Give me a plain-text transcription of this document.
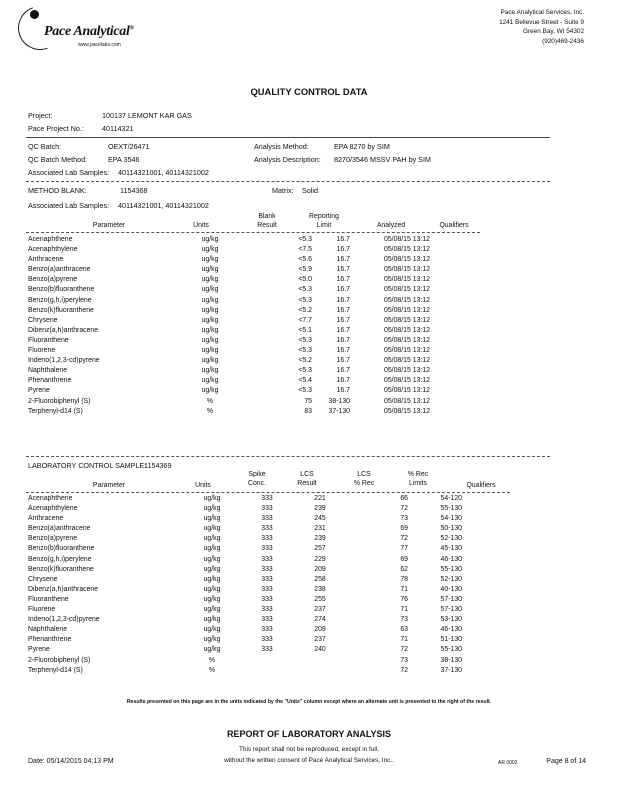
Pace Analytical®
www.pacelabs.com
Pace Analytical Services, Inc.
1241 Bellevue Street - Suite 9
Green Bay, WI 54302
(920)469-2436
QUALITY CONTROL DATA
Project:	100137 LEMONT KAR GAS
Pace Project No.:	40114321
QC Batch:	OEXT/26471	Analysis Method:	EPA 8270 by SIM
QC Batch Method:	EPA 3546	Analysis Description: 8270/3546 MSSV PAH by SIM
Associated Lab Samples: 40114321001, 40114321002
METHOD BLANK:	1154368	Matrix: Solid
Associated Lab Samples: 40114321001, 40114321002
Blank
Result
Reporting
Limit
Parameter	Units	Analyzed	Qualifiers
Acenaphthene	ug/kg	<5.3	16.7	05/08/15 13:12
Acenaphthylene	ug/kg	<7.5	16.7	05/08/15 13:12
Anthracene	ug/kg	<5.6	16.7	05/08/15 13:12
Benzo(a)anthracene	ug/kg	<5.9	16.7	05/08/15 13:12
Benzo(a)pyrene	ug/kg	<5.0	16.7	05/08/15 13:12
Benzo(b)fluoranthene	ug/kg	<5.3	16.7	05/08/15 13:12
Benzo(g,h,i)perylene	ug/kg	<5.3	16.7	05/08/15 13:12
Benzo(k)fluoranthene	ug/kg	<5.2	16.7	05/08/15 13:12
Chrysene	ug/kg	<7.7	16.7	05/08/15 13:12
Dibenz(a,h)anthracene	ug/kg	<5.1	16.7	05/08/15 13:12
Fluoranthene	ug/kg	<5.3	16.7	05/08/15 13:12
Fluorene	ug/kg	<5.3	16.7	05/08/15 13:12
Indeno(1,2,3-cd)pyrene	ug/kg	<5.2	16.7	05/08/15 13:12
Naphthalene	ug/kg	<5.3	16.7	05/08/15 13:12
Phenanthrene	ug/kg	<5.4	16.7	05/08/15 13:12
Pyrene	ug/kg	<5.3	16.7	05/08/15 13:12
2-Fluorobiphenyl (S)	%	75	38-130	05/08/15 13:12
Terphenyl-d14 (S)	%	83	37-130	05/08/15 13:12
LABORATORY CONTROL SAMPLE:
1154369
Spike
Conc.
LCS
Result
LCS
% Rec
% Rec
Limits
Parameter	Units	Qualifiers
Acenaphthene	ug/kg	333	221	66	54-120
Acenaphthylene	ug/kg	333	239	72	55-130
Anthracene	ug/kg	333	245	73	54-130
Benzo(a)anthracene	ug/kg	333	231	69	50-130
Benzo(a)pyrene	ug/kg	333	239	72	52-130
Benzo(b)fluoranthene	ug/kg	333	257	77	45-130
Benzo(g,h,i)perylene	ug/kg	333	229	69	46-130
Benzo(k)fluoranthene	ug/kg	333	209	62	55-130
Chrysene	ug/kg	333	258	78	52-130
Dibenz(a,h)anthracene	ug/kg	333	238	71	40-130
Fluoranthene	ug/kg	333	255	76	57-130
Fluorene	ug/kg	333	237	71	57-130
Indeno(1,2,3-cd)pyrene	ug/kg	333	274	73	53-130
Naphthalene	ug/kg	333	209	63	46-130
Phenanthrene	ug/kg	333	237	71	51-130
Pyrene	ug/kg	333	240	72	55-130
2-Fluorobiphenyl (S)	%			73	38-130
Terphenyl-d14 (S)	%			72	37-130
Results presented on this page are in the units indicated by the "Units" column except where an alternate unit is presented to the right of the result.
REPORT OF LABORATORY ANALYSIS
This report shall not be reproduced, except in full,
without the written consent of Pace Analytical Services, Inc..
Date: 05/14/2015 04:13 PM	AR 0002	Page 8 of 14
